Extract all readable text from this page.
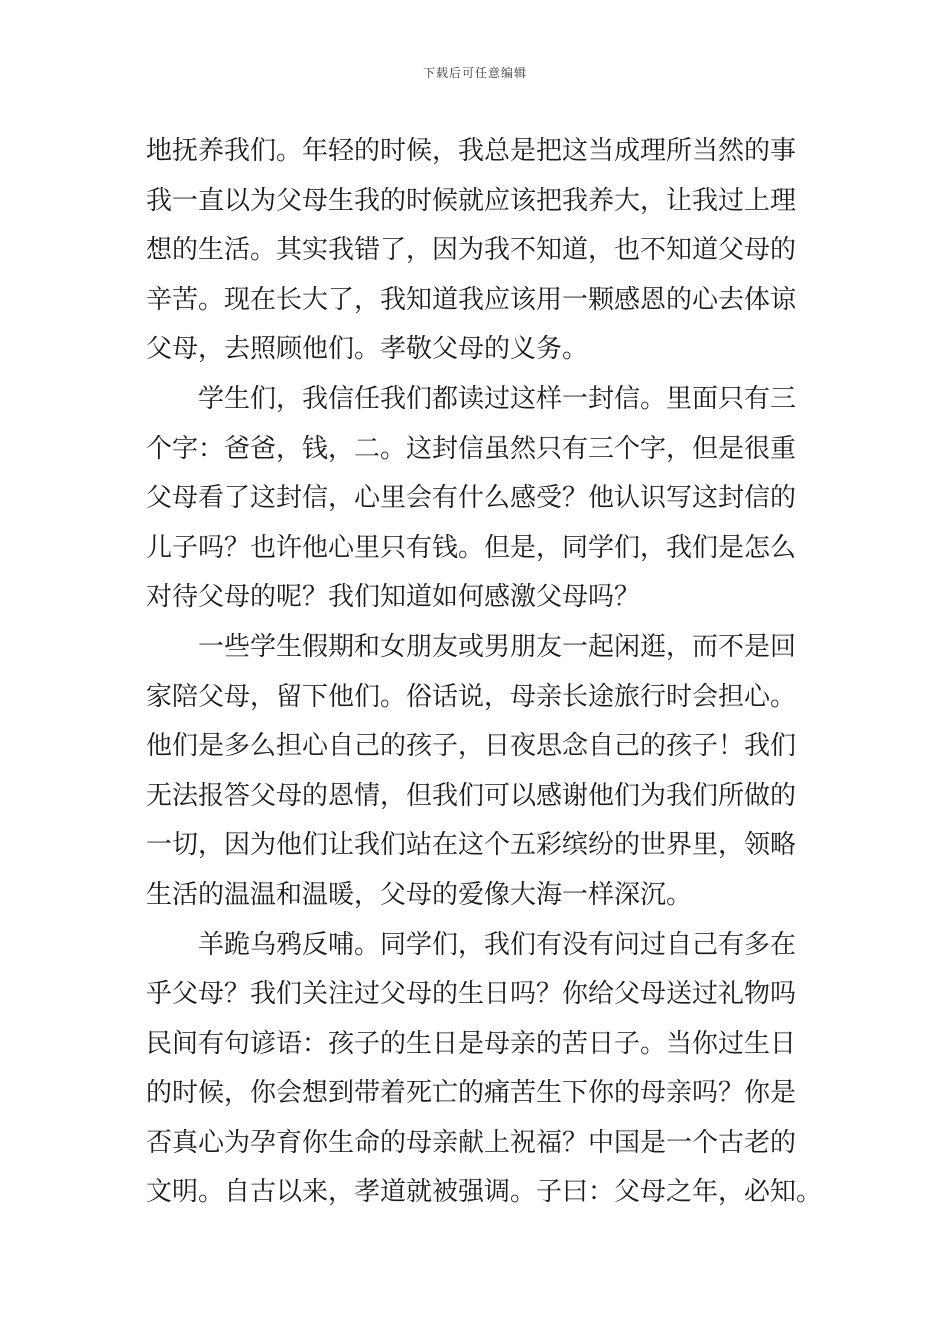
下载后可任意编辑
地抚养我们。年轻的时候，我总是把这当成理所当然的事
我一直以为父母生我的时候就应该把我养大，让我过上理
想的生活。其实我错了，因为我不知道，也不知道父母的
辛苦。现在长大了，我知道我应该用一颗感恩的心去体谅
父母，去照顾他们。孝敬父母的义务。
　　学生们，我信任我们都读过这样一封信。里面只有三
个字：爸爸，钱，二。这封信虽然只有三个字，但是很重
父母看了这封信，心里会有什么感受？他认识写这封信的
儿子吗？也许他心里只有钱。但是，同学们，我们是怎么
对待父母的呢？我们知道如何感激父母吗？
　　一些学生假期和女朋友或男朋友一起闲逛，而不是回
家陪父母，留下他们。俗话说，母亲长途旅行时会担心。
他们是多么担心自己的孩子，日夜思念自己的孩子！我们
无法报答父母的恩情，但我们可以感谢他们为我们所做的
一切，因为他们让我们站在这个五彩缤纷的世界里，领略
生活的温温和温暖，父母的爱像大海一样深沉。
　　羊跪乌鸦反哺。同学们，我们有没有问过自己有多在
乎父母？我们关注过父母的生日吗？你给父母送过礼物吗
民间有句谚语：孩子的生日是母亲的苦日子。当你过生日
的时候，你会想到带着死亡的痛苦生下你的母亲吗？你是
否真心为孕育你生命的母亲献上祝福？中国是一个古老的
文明。自古以来，孝道就被强调。子曰：父母之年，必知。
